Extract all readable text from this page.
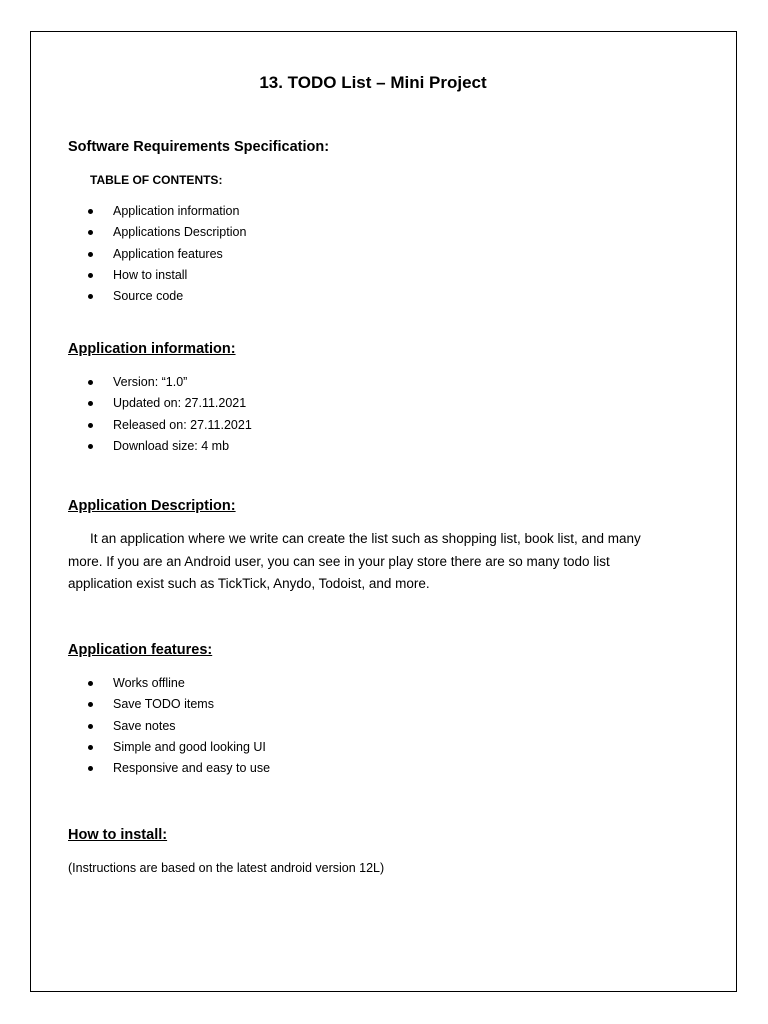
13. TODO List – Mini Project
Software Requirements Specification:
TABLE OF CONTENTS:
Application information
Applications Description
Application features
How to install
Source code
Application information:
Version: “1.0”
Updated on: 27.11.2021
Released on: 27.11.2021
Download size: 4 mb
Application Description:

It an application where we write can create the list such as shopping list, book list, and many more. If you are an Android user, you can see in your play store there are so many todo list application exist such as TickTick, Anydo, Todoist, and more.

Application features:
Works offline
Save TODO items
Save notes
Simple and good looking UI
Responsive and easy to use
How to install:
(Instructions are based on the latest android version 12L)
